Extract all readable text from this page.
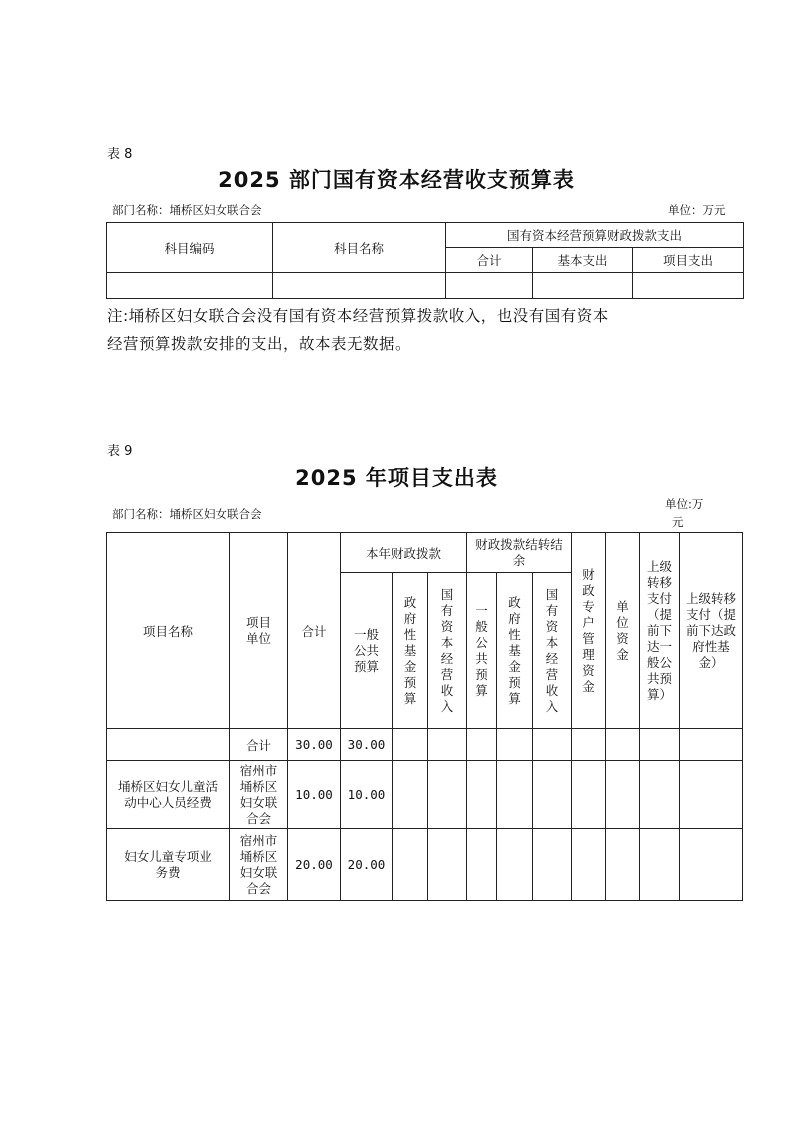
表 8
2025 部门国有资本经营收支预算表
部门名称：埇桥区妇女联合会	单位：万元
科目编码	科目名称	国有资本经营预算财政拨款支出		
		合计	基本支出	项目支出

注:埇桥区妇女联合会没有国有资本经营预算拨款收入，也没有国有资本
经营预算拨款安排的支出，故本表无数据。
表 9
2025 年项目支出表
部门名称：埇桥区妇女联合会
单位:万
元
项目名称	项目单位	合计	本年财政拨款			财政拨款结转结余			财政专户管理资金	单位资金	上级转移支付（提前下达一般公共预算）	上级转移支付（提前下达政府性基金）
			一般公共预算	政府性基金预算	国有资本经营收入	一般公共预算	政府性基金预算	国有资本经营收入				
	合计	30.00	30.00									
埇桥区妇女儿童活动中心人员经费	宿州市埇桥区妇女联合会	10.00	10.00									
妇女儿童专项业务费	宿州市埇桥区妇女联合会	20.00	20.00									
